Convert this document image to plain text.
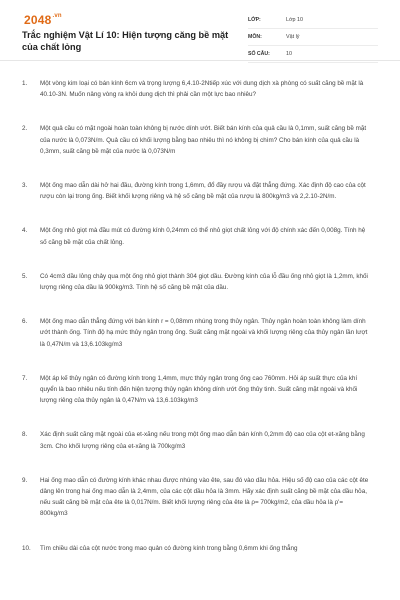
$2048^{.vn}$
Trắc nghiệm Vật Lí 10: Hiện tượng căng bề mặt của chất lỏng
LỚP:	Lớp 10
MÔN:	Vật lý
SỐ CÂU:	10
1. Một vòng kim loại có bán kính 6cm và trọng lượng 6,4.10-2Ntiếp xúc với dung dịch xà phòng có suất căng bề mặt là 40.10-3N. Muốn nâng vòng ra khỏi dung dịch thì phải cần một lực bao nhiêu?
2. Một quả cầu có mặt ngoài hoàn toàn không bị nước dính ướt. Biết bán kính của quả cầu là 0,1mm, suất căng bề mặt của nước là 0,073N/m. Quả cầu có khối lượng bằng bao nhiêu thì nó không bị chìm? Cho bán kính của quả cầu là 0,3mm, suất căng bề mặt của nước là 0,073N/m
3. Một ống mao dẫn dài hở hai đầu, đường kính trong 1,6mm, đổ đầy rượu và đặt thẳng đứng. Xác định độ cao của cột rượu còn lại trong ống. Biết khối lượng riêng và hệ số căng bề mặt của rượu là 800kg/m3 và 2,2.10-2N/m.
4. Một ống nhỏ giọt mà đầu mút có đường kính 0,24mm có thể nhỏ giọt chất lỏng với độ chính xác đến 0,008g. Tính hệ số căng bề mặt của chất lỏng.
5. Có 4cm3 dầu lỏng chảy qua một ống nhỏ giọt thành 304 giọt dầu. Đường kính của lỗ đầu ống nhỏ giọt là 1,2mm, khối lượng riêng của dầu là 900kg/m3. Tính hệ số căng bề mặt của dầu.
6. Một ống mao dẫn thẳng đứng với bán kính r = 0,08mm nhúng trong thủy ngân. Thủy ngân hoàn toàn không làm dính ướt thành ống. Tính độ hạ mức thủy ngân trong ống. Suất căng mặt ngoài và khối lượng riêng của thủy ngân lần lượt là 0,47N/m và 13,6.103kg/m3
7. Một áp kế thủy ngân có đường kính trong 1,4mm, mực thủy ngân trong ống cao 760mm. Hỏi áp suất thực của khí quyển là bao nhiêu nếu tính đến hiện tượng thủy ngân không dính ướt ống thủy tinh. Suất căng mặt ngoài và khối lượng riêng của thủy ngân là 0,47N/m và 13,6.103kg/m3
8. Xác định suất căng mặt ngoài của et-xăng nếu trong một ống mao dẫn bán kính 0,2mm độ cao của cột et-xăng bằng 3cm. Cho khối lượng riêng của et-xăng là 700kg/m3
9. Hai ống mao dẫn có đường kính khác nhau được nhúng vào ête, sau đó vào dầu hỏa. Hiệu số độ cao của các cột ête dâng lên trong hai ống mao dẫn là 2,4mm, của các cột dầu hỏa là 3mm. Hãy xác định suất căng bề mặt của dầu hỏa, nếu suất căng bề mặt của ête là 0,017N/m. Biết khối lượng riêng của ête là ρ= 700kg/m2, của dầu hỏa là ρ'= 800kg/m3
10. Tìm chiều dài của cột nước trong mao quản có đường kính trong bằng 0,6mm khi ống thẳng
